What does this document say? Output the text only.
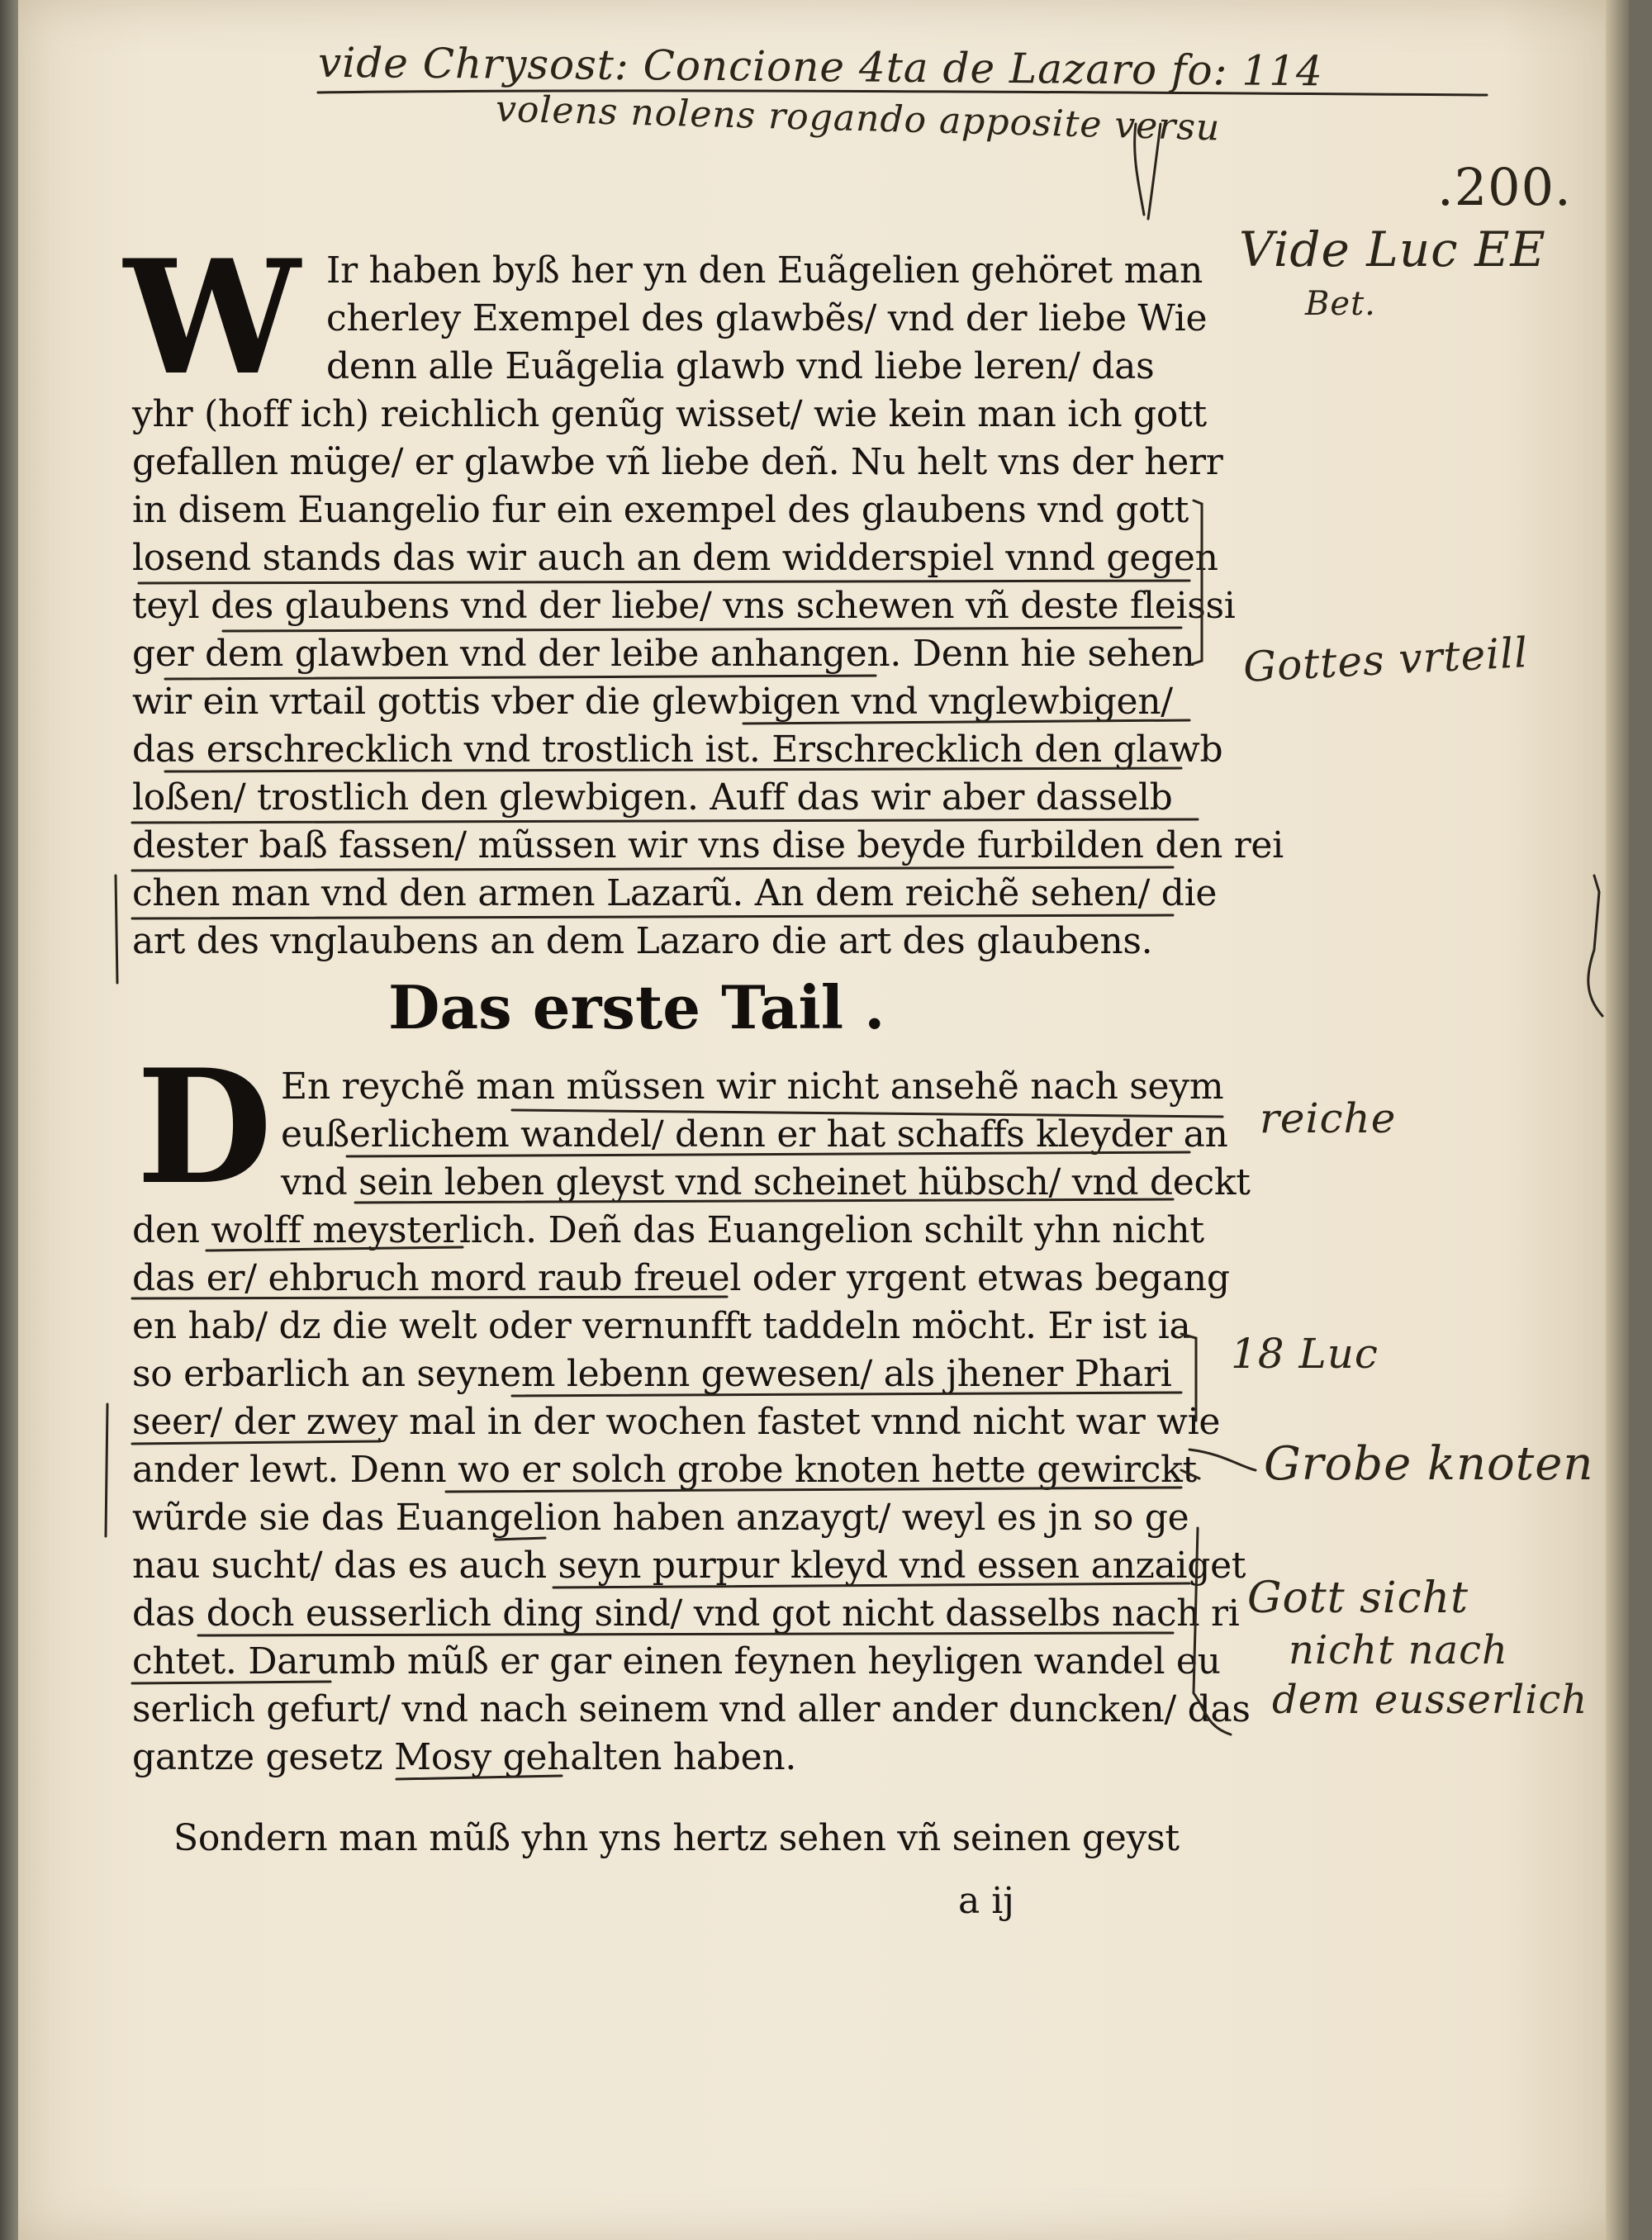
vide Chrysost: Concione 4ta de Lazaro fo: 114
volens nolens rogando apposite versu
.200.
Vide Luc EE
Bet.
Gottes vrteill
reiche
18 Luc
Grobe knoten
Gott sicht
nicht nach
dem eusserlich
W
D
Ir haben byß her yn den Euãgelien gehöret man
cherley Exempel des glawbẽs/ vnd der liebe Wie
denn alle Euãgelia glawb vnd liebe leren/ das
yhr (hoff ich) reichlich genũg wisset/ wie kein man ich gott
gefallen müge/ er glawbe vñ liebe deñ. Nu helt vns der herr
in disem Euangelio fur ein exempel des glaubens vnd gott
losend stands das wir auch an dem widderspiel vnnd gegen
teyl des glaubens vnd der liebe/ vns schewen vñ deste fleissi
ger dem glawben vnd der leibe anhangen. Denn hie sehen
wir ein vrtail gottis vber die glewbigen vnd vnglewbigen/
das erschrecklich vnd trostlich ist. Erschrecklich den glawb
loßen/ trostlich den glewbigen. Auff das wir aber dasselb
dester baß fassen/ mũssen wir vns dise beyde furbilden den rei
chen man vnd den armen Lazarũ. An dem reichẽ sehen/ die
art des vnglaubens an dem Lazaro die art des glaubens.
Das erste Tail .
En reychẽ man mũssen wir nicht ansehẽ nach seym
eußerlichem wandel/ denn er hat schaffs kleyder an
vnd sein leben gleyst vnd scheinet hübsch/ vnd deckt
den wolff meysterlich. Deñ das Euangelion schilt yhn nicht
das er/ ehbruch mord raub freuel oder yrgent etwas begang
en hab/ dz die welt oder vernunfft taddeln möcht. Er ist ia
so erbarlich an seynem lebenn gewesen/ als jhener Phari
seer/ der zwey mal in der wochen fastet vnnd nicht war wie
ander lewt. Denn wo er solch grobe knoten hette gewirckt
wũrde sie das Euangelion haben anzaygt/ weyl es jn so ge
nau sucht/ das es auch seyn purpur kleyd vnd essen anzaiget
das doch eusserlich ding sind/ vnd got nicht dasselbs nach ri
chtet. Darumb mũß er gar einen feynen heyligen wandel eu
serlich gefurt/ vnd nach seinem vnd aller ander duncken/ das
gantze gesetz Mosy gehalten haben.
Sondern man mũß yhn yns hertz sehen vñ seinen geyst
a ij
